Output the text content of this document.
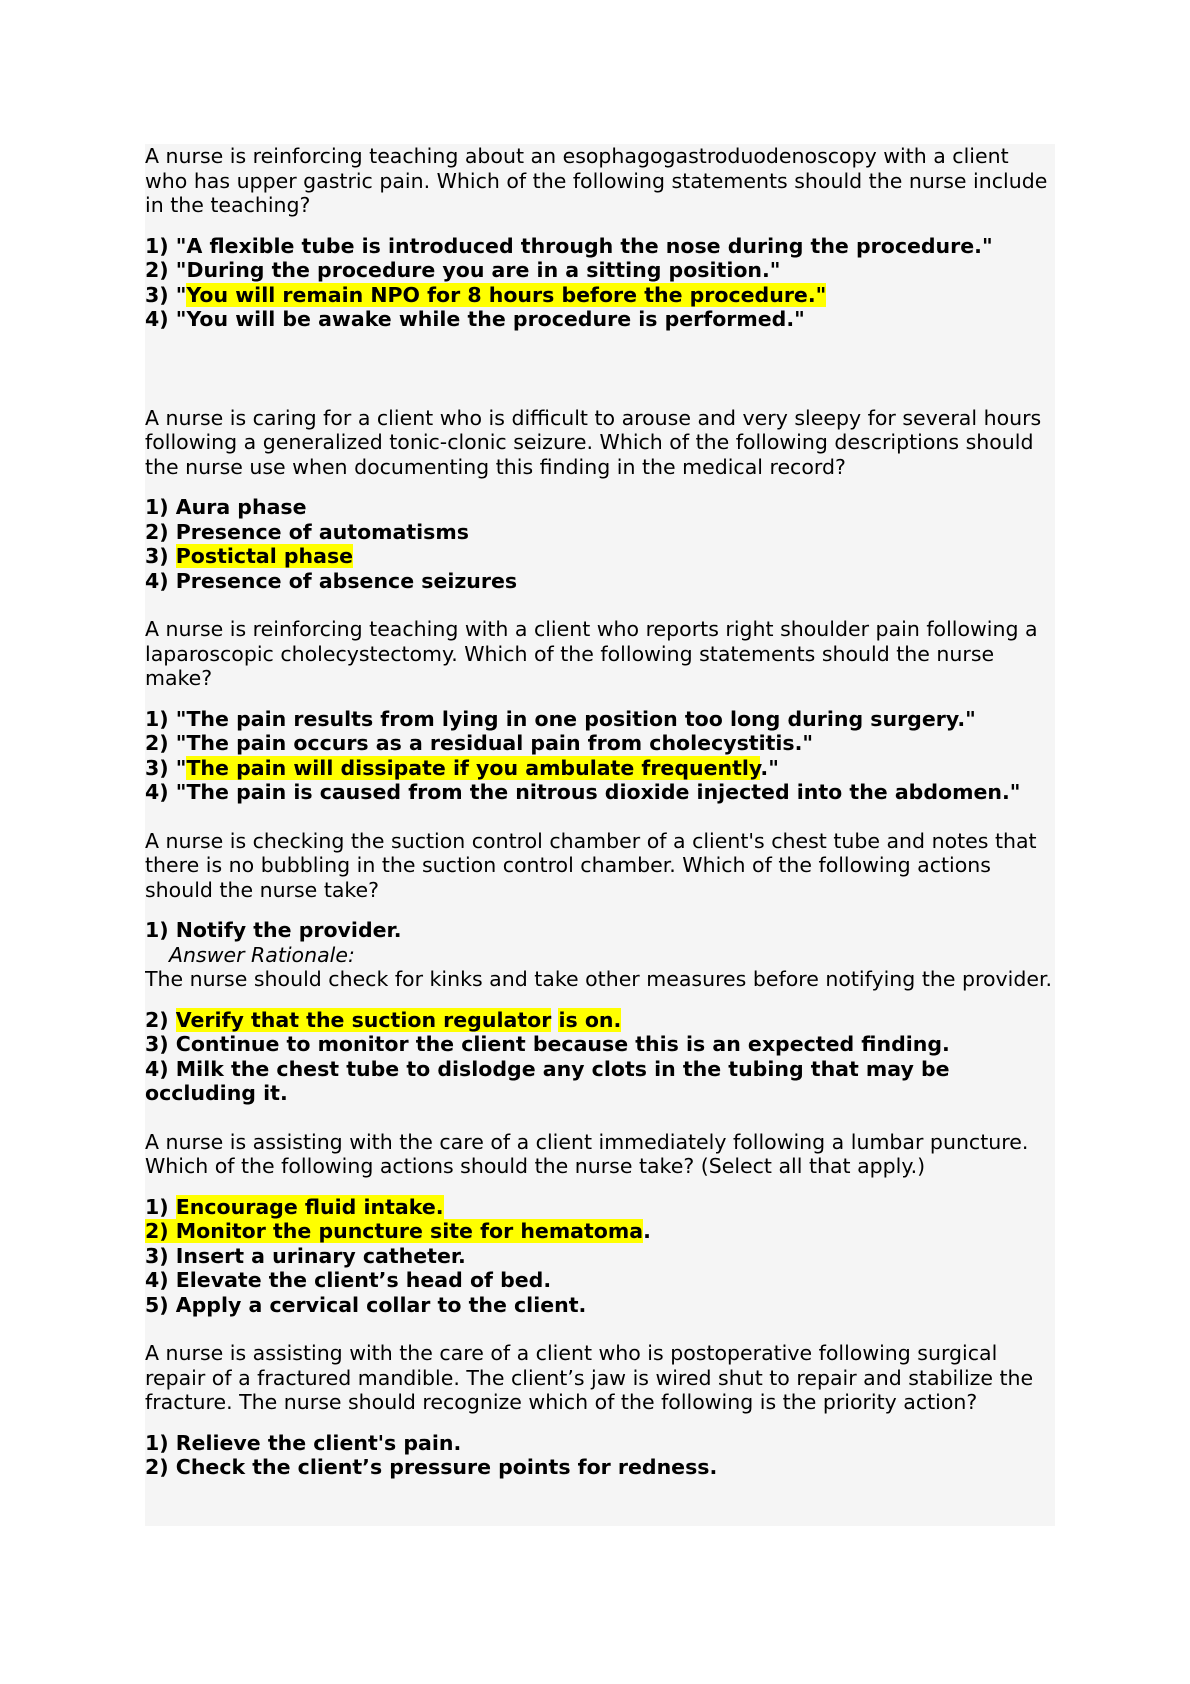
A nurse is reinforcing teaching about an esophagogastroduodenoscopy with a client who has upper gastric pain. Which of the following statements should the nurse include in the teaching?

1) "A flexible tube is introduced through the nose during the procedure."

2) "During the procedure you are in a sitting position."

3) "You will remain NPO for 8 hours before the procedure."

4) "You will be awake while the procedure is performed."

A nurse is caring for a client who is difficult to arouse and very sleepy for several hours following a generalized tonic-clonic seizure. Which of the following descriptions should the nurse use when documenting this finding in the medical record?

1) Aura phase

2) Presence of automatisms

3) Postictal phase

4) Presence of absence seizures

A nurse is reinforcing teaching with a client who reports right shoulder pain following a laparoscopic cholecystectomy. Which of the following statements should the nurse make?

1) "The pain results from lying in one position too long during surgery."

2) "The pain occurs as a residual pain from cholecystitis."

3) "The pain will dissipate if you ambulate frequently."

4) "The pain is caused from the nitrous dioxide injected into the abdomen."

A nurse is checking the suction control chamber of a client's chest tube and notes that there is no bubbling in the suction control chamber. Which of the following actions should the nurse take?

1) Notify the provider.

Answer Rationale:

The nurse should check for kinks and take other measures before notifying the provider.

2) Verify that the suction regulator is on.

3) Continue to monitor the client because this is an expected finding.

4) Milk the chest tube to dislodge any clots in the tubing that may be occluding it.

A nurse is assisting with the care of a client immediately following a lumbar puncture. Which of the following actions should the nurse take? (Select all that apply.)

1) Encourage fluid intake.

2) Monitor the puncture site for hematoma.

3) Insert a urinary catheter.

4) Elevate the client’s head of bed.

5) Apply a cervical collar to the client.

A nurse is assisting with the care of a client who is postoperative following surgical repair of a fractured mandible. The client’s jaw is wired shut to repair and stabilize the fracture. The nurse should recognize which of the following is the priority action?

1) Relieve the client's pain.

2) Check the client’s pressure points for redness.
